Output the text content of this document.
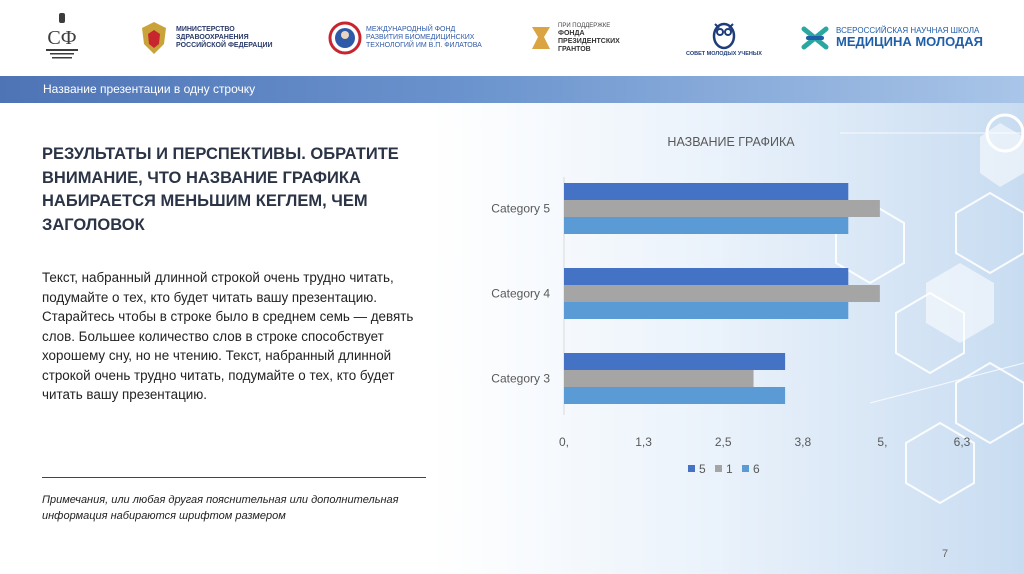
СФ	МИНИСТЕРСТВО
ЗДРАВООХРАНЕНИЯ
РОССИЙСКОЙ ФЕДЕРАЦИИ
МЕЖДУНАРОДНЫЙ ФОНД
РАЗВИТИЯ БИОМЕДИЦИНСКИХ
ТЕХНОЛОГИЙ ИМ В.П. ФИЛАТОВА
ПРИ ПОДДЕРЖКЕ
ФОНДА
ПРЕЗИДЕНТСКИХ
ГРАНТОВ
СОВЕТ МОЛОДЫХ УЧЕНЫХ
ВСЕРОССИЙСКАЯ НАУЧНАЯ ШКОЛА
МЕДИЦИНА МОЛОДАЯ
Название презентации в одну строчку
РЕЗУЛЬТАТЫ И ПЕРСПЕКТИВЫ. ОБРАТИТЕ ВНИМАНИЕ, ЧТО НАЗВАНИЕ ГРАФИКА НАБИРАЕТСЯ МЕНЬШИМ КЕГЛЕМ, ЧЕМ ЗАГОЛОВОК
Текст, набранный длинной строкой очень трудно читать, подумайте о тех, кто будет читать вашу презентацию. Старайтесь чтобы в строке было в среднем семь — девять слов. Большее количество слов в строке способствует хорошему сну, но не чтению. Текст, набранный длинной строкой очень трудно читать, подумайте о тех, кто будет читать вашу презентацию.
Примечания, или любая другая пояснительная или дополнительная информация набираются шрифтом размером
7
НАЗВАНИЕ ГРАФИКА
Category 5
Category 4
Category 3
0,	1,3	2,5	3,8	5,	6,3
5 1 6
